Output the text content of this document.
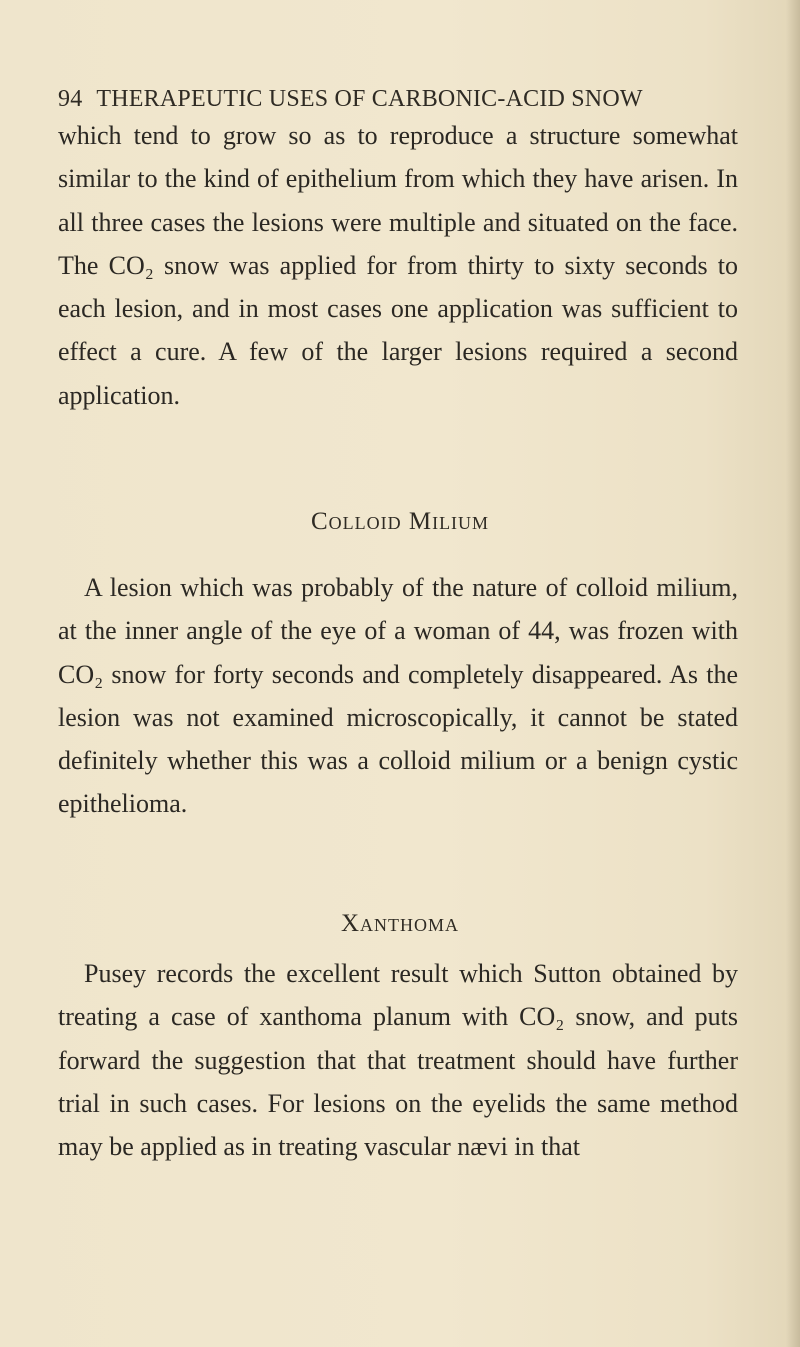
94 THERAPEUTIC USES OF CARBONIC-ACID SNOW
which tend to grow so as to reproduce a structure somewhat similar to the kind of epithelium from which they have arisen. In all three cases the lesions were multiple and situated on the face. The CO₂ snow was applied for from thirty to sixty seconds to each lesion, and in most cases one application was sufficient to effect a cure. A few of the larger lesions required a second application.
Colloid Milium
A lesion which was probably of the nature of colloid milium, at the inner angle of the eye of a woman of 44, was frozen with CO₂ snow for forty seconds and completely disappeared. As the lesion was not examined microscopically, it cannot be stated definitely whether this was a colloid milium or a benign cystic epithelioma.
Xanthoma
Pusey records the excellent result which Sutton obtained by treating a case of xanthoma planum with CO₂ snow, and puts forward the suggestion that that treatment should have further trial in such cases. For lesions on the eyelids the same method may be applied as in treating vascular nævi in that
